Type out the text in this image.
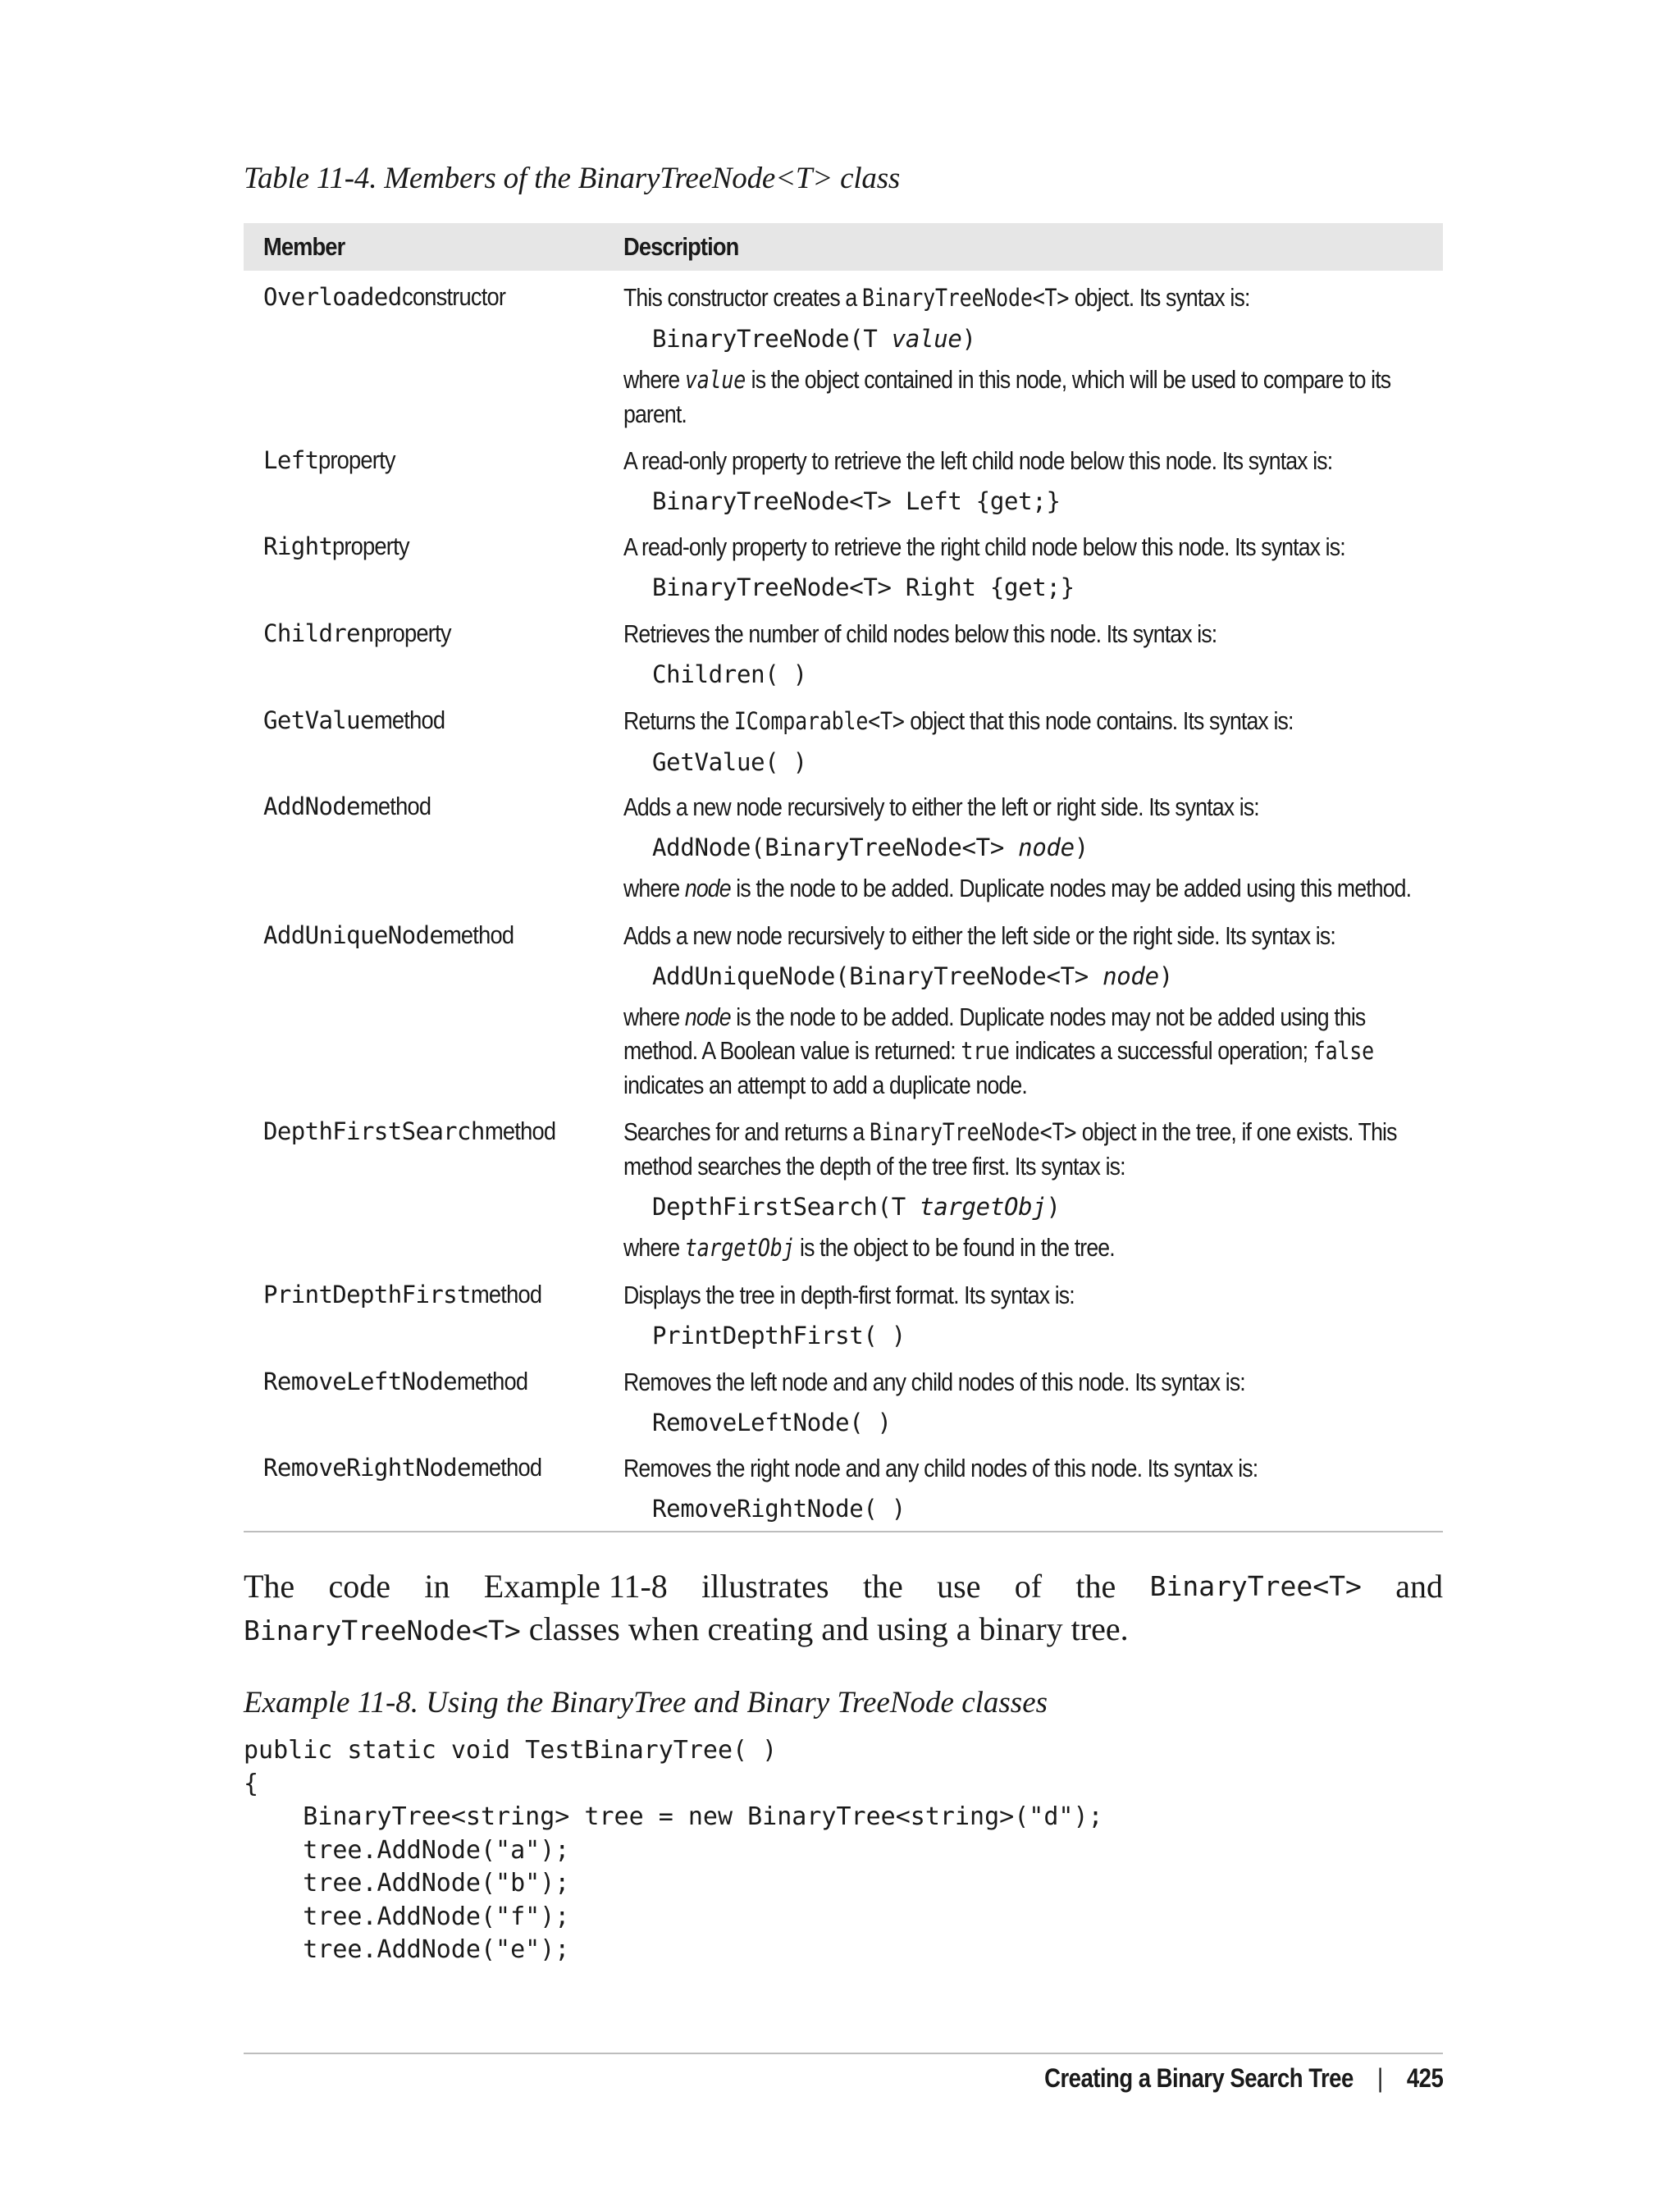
Table 11-4. Members of the BinaryTreeNode<T> class
Member	Description
Overloadedconstructor	This constructor creates a BinaryTreeNode<T> object. Its syntax is:
BinaryTreeNode(T value)
where value is the object contained in this node, which will be used to compare to its
parent.
Leftproperty	A read-only property to retrieve the left child node below this node. Its syntax is:
BinaryTreeNode<T> Left {get;}
Rightproperty	A read-only property to retrieve the right child node below this node. Its syntax is:
BinaryTreeNode<T> Right {get;}
Childrenproperty	Retrieves the number of child nodes below this node. Its syntax is:
Children( )
GetValuemethod	Returns the IComparable<T> object that this node contains. Its syntax is:
GetValue( )
AddNodemethod	Adds a new node recursively to either the left or right side. Its syntax is:
AddNode(BinaryTreeNode<T> node)
where node is the node to be added. Duplicate nodes may be added using this method.
AddUniqueNodemethod	Adds a new node recursively to either the left side or the right side. Its syntax is:
AddUniqueNode(BinaryTreeNode<T> node)
where node is the node to be added. Duplicate nodes may not be added using this
method. A Boolean value is returned: true indicates a successful operation; false
indicates an attempt to add a duplicate node.
DepthFirstSearchmethod	Searches for and returns a BinaryTreeNode<T> object in the tree, if one exists. This
method searches the depth of the tree first. Its syntax is:
DepthFirstSearch(T targetObj)
where targetObj is the object to be found in the tree.
PrintDepthFirstmethod	Displays the tree in depth-first format. Its syntax is:
PrintDepthFirst( )
RemoveLeftNodemethod	Removes the left node and any child nodes of this node. Its syntax is:
RemoveLeftNode( )
RemoveRightNodemethod	Removes the right node and any child nodes of this node. Its syntax is:
RemoveRightNode( )
The code in Example 11-8 illustrates the use of the BinaryTree<T> and
BinaryTreeNode<T> classes when creating and using a binary tree.
Example 11-8. Using the BinaryTree and Binary TreeNode classes
public static void TestBinaryTree( )
{
BinaryTree<string> tree = new BinaryTree<string>("d");
tree.AddNode("a");
tree.AddNode("b");
tree.AddNode("f");
tree.AddNode("e");
Creating a Binary Search Tree | 425
